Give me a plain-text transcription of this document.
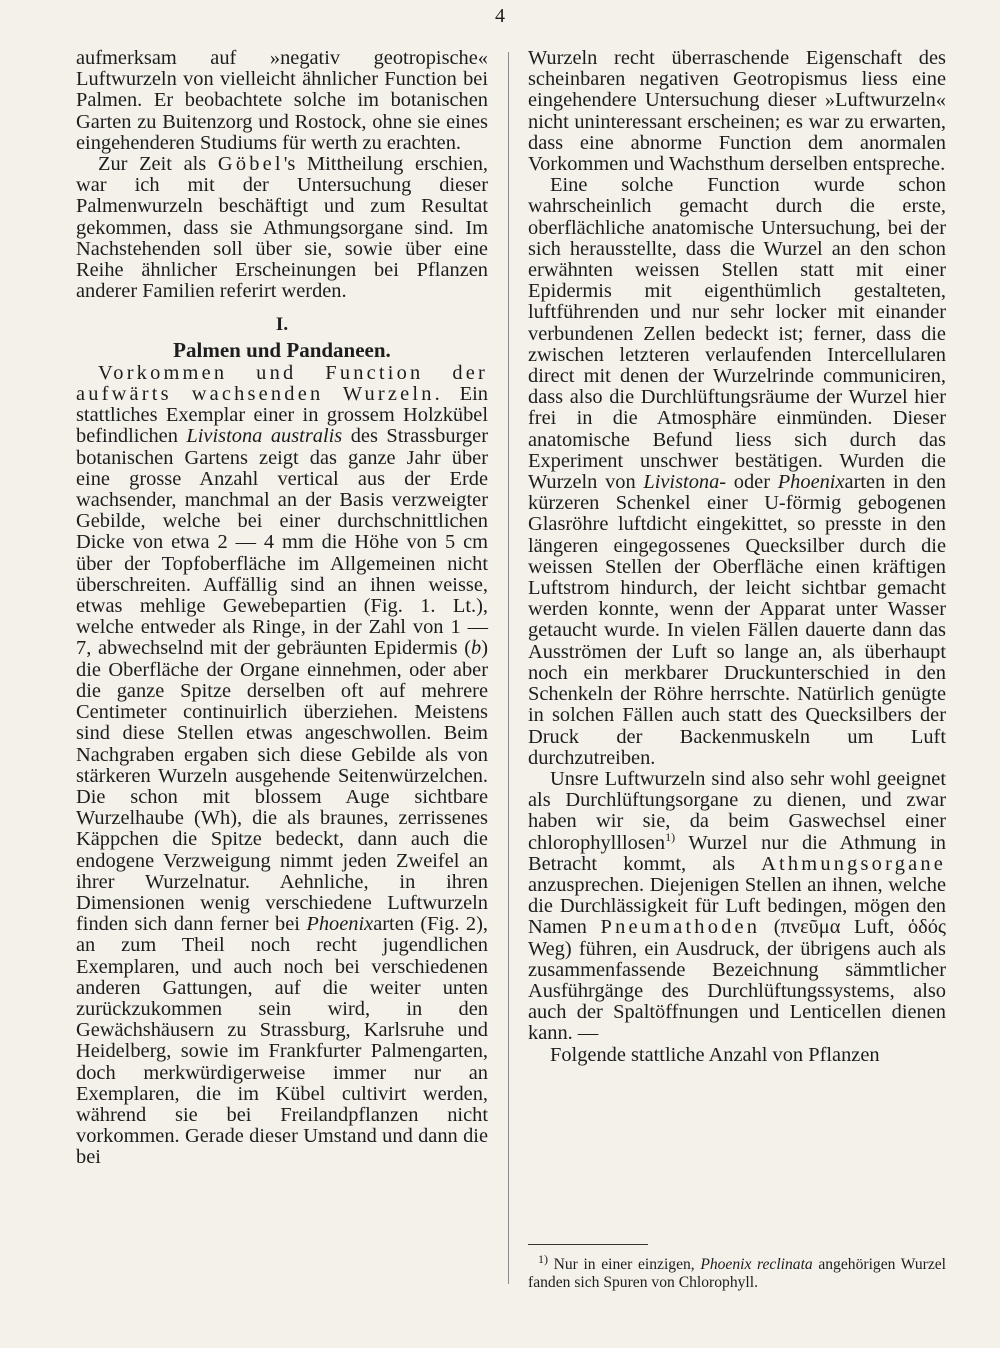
4

aufmerksam auf »negativ geotropische« Luftwurzeln von vielleicht ähnlicher Function bei Palmen. Er beobachtete solche im botanischen Garten zu Buitenzorg und Rostock, ohne sie eines eingehenderen Studiums für werth zu erachten.

Zur Zeit als Göbel's Mittheilung erschien, war ich mit der Untersuchung dieser Palmenwurzeln beschäftigt und zum Resultat gekommen, dass sie Athmungsorgane sind. Im Nachstehenden soll über sie, sowie über eine Reihe ähnlicher Erscheinungen bei Pflanzen anderer Familien referirt werden.

I.
Palmen und Pandaneen.

Vorkommen und Function der aufwärts wachsenden Wurzeln. Ein stattliches Exemplar einer in grossem Holzkübel befindlichen Livistona australis des Strassburger botanischen Gartens zeigt das ganze Jahr über eine grosse Anzahl vertical aus der Erde wachsender, manchmal an der Basis verzweigter Gebilde, welche bei einer durchschnittlichen Dicke von etwa 2 — 4 mm die Höhe von 5 cm über der Topfoberfläche im Allgemeinen nicht überschreiten. Auffällig sind an ihnen weisse, etwas mehlige Gewebepartien (Fig. 1. Lt.), welche entweder als Ringe, in der Zahl von 1 — 7, abwechselnd mit der gebräunten Epidermis (b) die Oberfläche der Organe einnehmen, oder aber die ganze Spitze derselben oft auf mehrere Centimeter continuirlich überziehen. Meistens sind diese Stellen etwas angeschwollen. Beim Nachgraben ergaben sich diese Gebilde als von stärkeren Wurzeln ausgehende Seitenwürzelchen. Die schon mit blossem Auge sichtbare Wurzelhaube (Wh), die als braunes, zerrissenes Käppchen die Spitze bedeckt, dann auch die endogene Verzweigung nimmt jeden Zweifel an ihrer Wurzelnatur. Aehnliche, in ihren Dimensionen wenig verschiedene Luftwurzeln finden sich dann ferner bei Phoenixarten (Fig. 2), an zum Theil noch recht jugendlichen Exemplaren, und auch noch bei verschiedenen anderen Gattungen, auf die weiter unten zurückzukommen sein wird, in den Gewächshäusern zu Strassburg, Karlsruhe und Heidelberg, sowie im Frankfurter Palmengarten, doch merkwürdigerweise immer nur an Exemplaren, die im Kübel cultivirt werden, während sie bei Freilandpflanzen nicht vorkommen. Gerade dieser Umstand und dann die bei

Wurzeln recht überraschende Eigenschaft des scheinbaren negativen Geotropismus liess eine eingehendere Untersuchung dieser »Luftwurzeln« nicht uninteressant erscheinen; es war zu erwarten, dass eine abnorme Function dem anormalen Vorkommen und Wachsthum derselben entspreche.

Eine solche Function wurde schon wahrscheinlich gemacht durch die erste, oberflächliche anatomische Untersuchung, bei der sich herausstellte, dass die Wurzel an den schon erwähnten weissen Stellen statt mit einer Epidermis mit eigenthümlich gestalteten, luftführenden und nur sehr locker mit einander verbundenen Zellen bedeckt ist; ferner, dass die zwischen letzteren verlaufenden Intercellularen direct mit denen der Wurzelrinde communiciren, dass also die Durchlüftungsräume der Wurzel hier frei in die Atmosphäre einmünden. Dieser anatomische Befund liess sich durch das Experiment unschwer bestätigen. Wurden die Wurzeln von Livistona- oder Phoenixarten in den kürzeren Schenkel einer U-förmig gebogenen Glasröhre luftdicht eingekittet, so presste in den längeren eingegossenes Quecksilber durch die weissen Stellen der Oberfläche einen kräftigen Luftstrom hindurch, der leicht sichtbar gemacht werden konnte, wenn der Apparat unter Wasser getaucht wurde. In vielen Fällen dauerte dann das Ausströmen der Luft so lange an, als überhaupt noch ein merkbarer Druckunterschied in den Schenkeln der Röhre herrschte. Natürlich genügte in solchen Fällen auch statt des Quecksilbers der Druck der Backenmuskeln um Luft durchzutreiben.

Unsre Luftwurzeln sind also sehr wohl geeignet als Durchlüftungsorgane zu dienen, und zwar haben wir sie, da beim Gaswechsel einer chlorophylllosen$^{1)}$ Wurzel nur die Athmung in Betracht kommt, als Athmungsorgane anzusprechen. Diejenigen Stellen an ihnen, welche die Durchlässigkeit für Luft bedingen, mögen den Namen Pneumathoden (πνεῦμα Luft, ὁδός Weg) führen, ein Ausdruck, der übrigens auch als zusammenfassende Bezeichnung sämmtlicher Ausführgänge des Durchlüftungssystems, also auch der Spaltöffnungen und Lenticellen dienen kann. —

Folgende stattliche Anzahl von Pflanzen

$^{1)}$ Nur in einer einzigen, Phoenix reclinata angehörigen Wurzel fanden sich Spuren von Chlorophyll.
